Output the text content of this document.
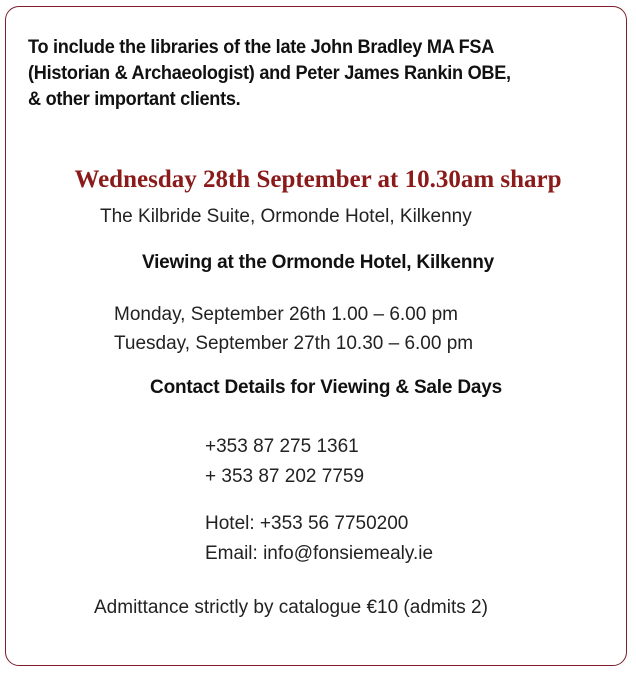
To include the libraries of the late John Bradley MA FSA
(Historian & Archaeologist) and Peter James Rankin OBE,
& other important clients.

Wednesday 28th September at 10.30am sharp
The Kilbride Suite, Ormonde Hotel, Kilkenny
Viewing at the Ormonde Hotel, Kilkenny
Monday, September 26th 1.00 – 6.00 pm
Tuesday, September 27th 10.30 – 6.00 pm
Contact Details for Viewing & Sale Days
+353 87 275 1361
+ 353 87 202 7759
Hotel: +353 56 7750200
Email: info@fonsiemealy.ie
Admittance strictly by catalogue €10 (admits 2)
